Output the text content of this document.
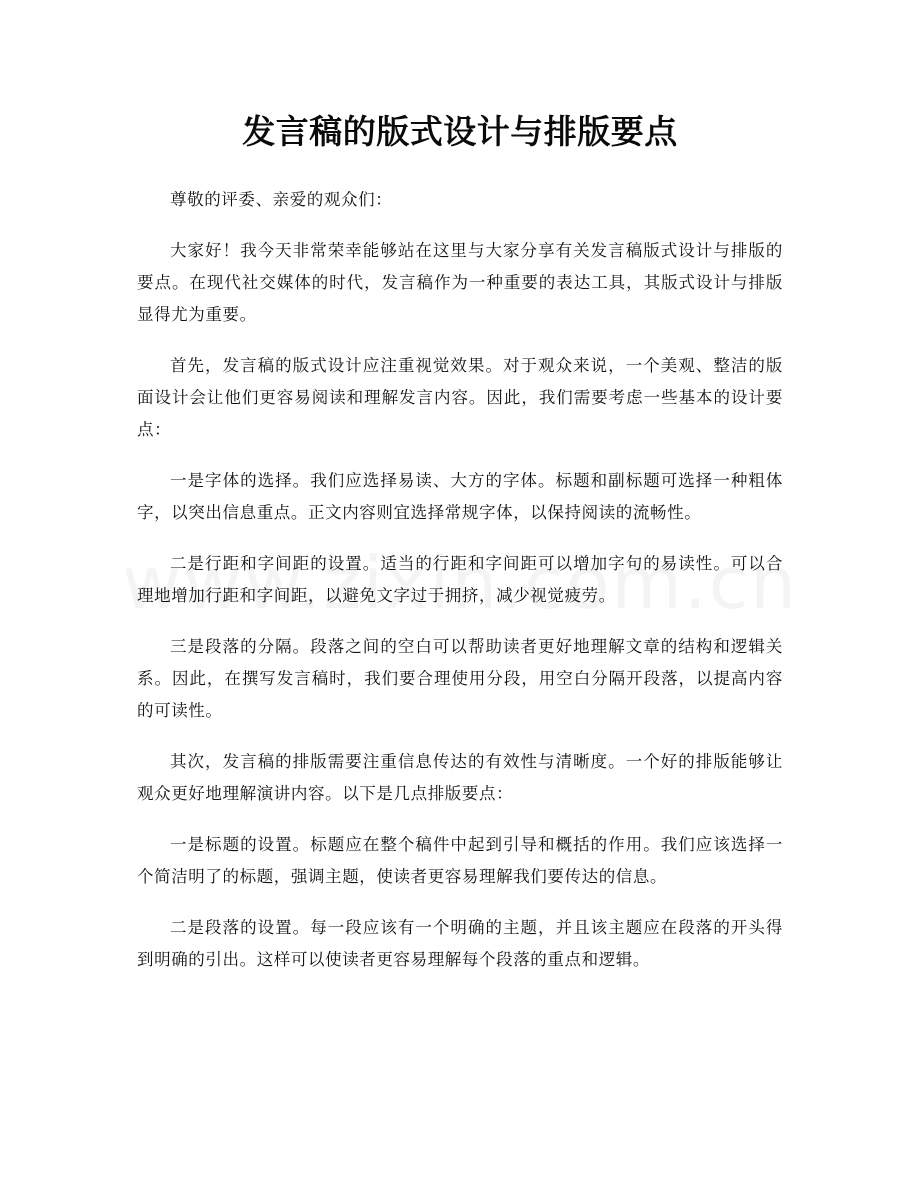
发言稿的版式设计与排版要点

尊敬的评委、亲爱的观众们：

大家好！我今天非常荣幸能够站在这里与大家分享有关发言稿版式设计与排版的要点。在现代社交媒体的时代，发言稿作为一种重要的表达工具，其版式设计与排版显得尤为重要。

首先，发言稿的版式设计应注重视觉效果。对于观众来说，一个美观、整洁的版面设计会让他们更容易阅读和理解发言内容。因此，我们需要考虑一些基本的设计要点：

一是字体的选择。我们应选择易读、大方的字体。标题和副标题可选择一种粗体字，以突出信息重点。正文内容则宜选择常规字体，以保持阅读的流畅性。

二是行距和字间距的设置。适当的行距和字间距可以增加字句的易读性。可以合理地增加行距和字间距，以避免文字过于拥挤，减少视觉疲劳。

三是段落的分隔。段落之间的空白可以帮助读者更好地理解文章的结构和逻辑关系。因此，在撰写发言稿时，我们要合理使用分段，用空白分隔开段落，以提高内容的可读性。

其次，发言稿的排版需要注重信息传达的有效性与清晰度。一个好的排版能够让观众更好地理解演讲内容。以下是几点排版要点：

一是标题的设置。标题应在整个稿件中起到引导和概括的作用。我们应该选择一个简洁明了的标题，强调主题，使读者更容易理解我们要传达的信息。

二是段落的设置。每一段应该有一个明确的主题，并且该主题应在段落的开头得到明确的引出。这样可以使读者更容易理解每个段落的重点和逻辑。
